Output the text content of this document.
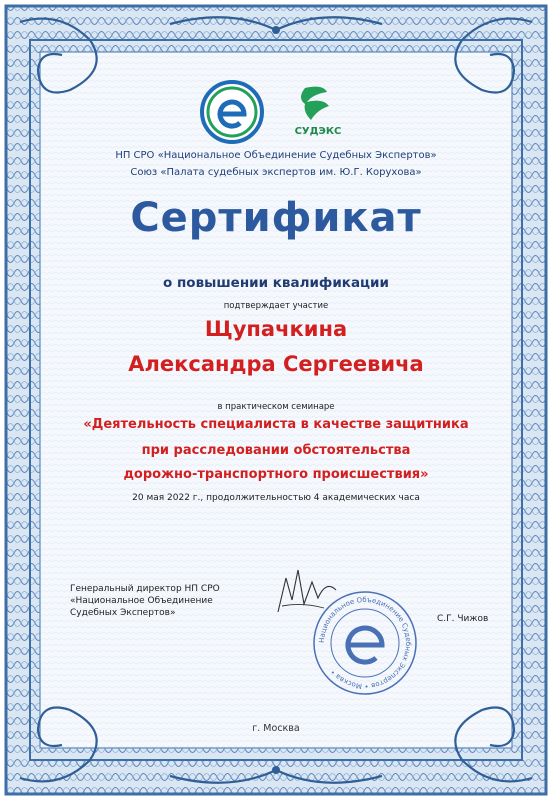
СУДЭКС
НП СРО «Национальное Объединение Судебных Экспертов»
Союз «Палата судебных экспертов им. Ю.Г. Корухова»
Сертификат
о повышении квалификации
подтверждает участие
Щупачкина
Александра Сергеевича
в практическом семинаре
«Деятельность специалиста в качестве защитника
при расследовании обстоятельства
дорожно-транспортного происшествия»
20 мая 2022 г., продолжительностью 4 академических часа
Генеральный директор НП СРО
«Национальное Объединение
Судебных Экспертов»
С.Г. Чижов
Национальное Объединение Судебных Экспертов • Москва •
г. Москва
